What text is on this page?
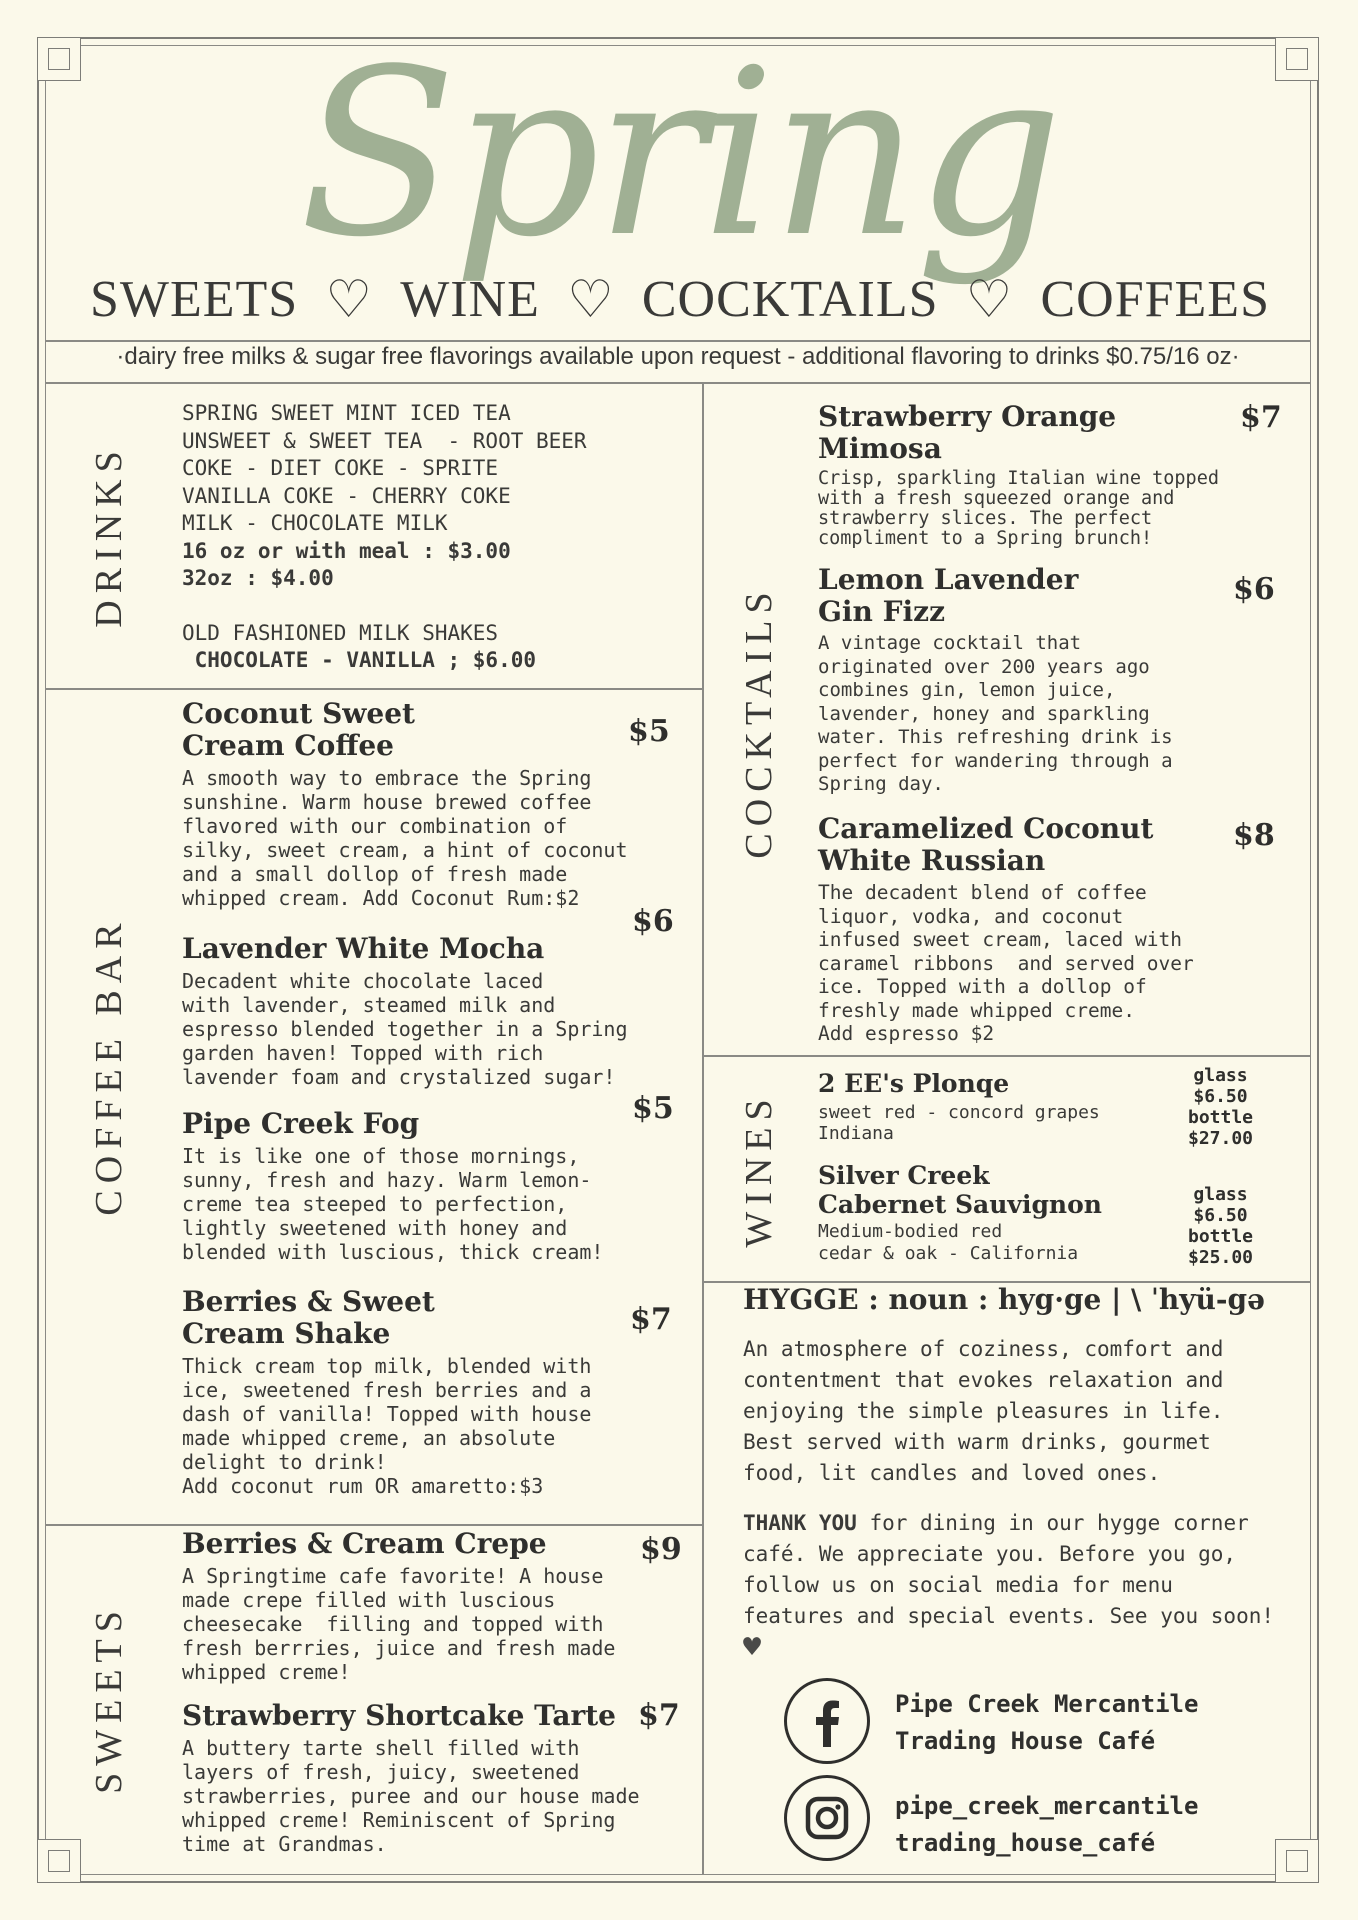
Spring
SWEETS ♡ WINE ♡ COCKTAILS ♡ COFFEES
·dairy free milks & sugar free flavorings available upon request - additional flavoring to drinks $0.75/16 oz·
DRINKS
SPRING SWEET MINT ICED TEA
UNSWEET & SWEET TEA  - ROOT BEER
COKE - DIET COKE - SPRITE
VANILLA COKE - CHERRY COKE
MILK - CHOCOLATE MILK
16 oz or with meal : $3.00
32oz : $4.00
OLD FASHIONED MILK SHAKES
CHOCOLATE - VANILLA ; $6.00
COFFEE BAR
Coconut Sweet
Cream Coffee
A smooth way to embrace the Spring
sunshine. Warm house brewed coffee
flavored with our combination of
silky, sweet cream, a hint of coconut
and a small dollop of fresh made
whipped cream. Add Coconut Rum:$2
$5
Lavender White Mocha
Decadent white chocolate laced
with lavender, steamed milk and
espresso blended together in a Spring
garden haven! Topped with rich
lavender foam and crystalized sugar!
$6
Pipe Creek Fog
It is like one of those mornings,
sunny, fresh and hazy. Warm lemon-
creme tea steeped to perfection,
lightly sweetened with honey and
blended with luscious, thick cream!
$5
Berries & Sweet
Cream Shake
Thick cream top milk, blended with
ice, sweetened fresh berries and a
dash of vanilla! Topped with house
made whipped creme, an absolute
delight to drink!
Add coconut rum OR amaretto:$3
$7
SWEETS
Berries & Cream Crepe
A Springtime cafe favorite! A house
made crepe filled with luscious
cheesecake  filling and topped with
fresh berrries, juice and fresh made
whipped creme!
$9
Strawberry Shortcake Tarte
A buttery tarte shell filled with
layers of fresh, juicy, sweetened
strawberries, puree and our house made
whipped creme! Reminiscent of Spring
time at Grandmas.
$7
COCKTAILS
Strawberry Orange
Mimosa
Crisp, sparkling Italian wine topped
with a fresh squeezed orange and
strawberry slices. The perfect
compliment to a Spring brunch!
$7
Lemon Lavender
Gin Fizz
A vintage cocktail that
originated over 200 years ago
combines gin, lemon juice,
lavender, honey and sparkling
water. This refreshing drink is
perfect for wandering through a
Spring day.
$6
Caramelized Coconut
White Russian
The decadent blend of coffee
liquor, vodka, and coconut
infused sweet cream, laced with
caramel ribbons  and served over
ice. Topped with a dollop of
freshly made whipped creme.
Add espresso $2
$8
WINES
2 EE's Plonqe
sweet red - concord grapes
Indiana
glass
$6.50
bottle
$27.00
Silver Creek
Cabernet Sauvignon
Medium-bodied red
cedar & oak - California
glass
$6.50
bottle
$25.00
HYGGE : noun : hyg·ge | \ ˈhyü-gə
An atmosphere of coziness, comfort and contentment that evokes relaxation and enjoying the simple pleasures in life. Best served with warm drinks, gourmet food, lit candles and loved ones.
THANK YOU for dining in our hygge corner café. We appreciate you. Before you go, follow us on social media for menu features and special events. See you soon! ♥
Pipe Creek Mercantile
Trading House Café
pipe_creek_mercantile
trading_house_café
